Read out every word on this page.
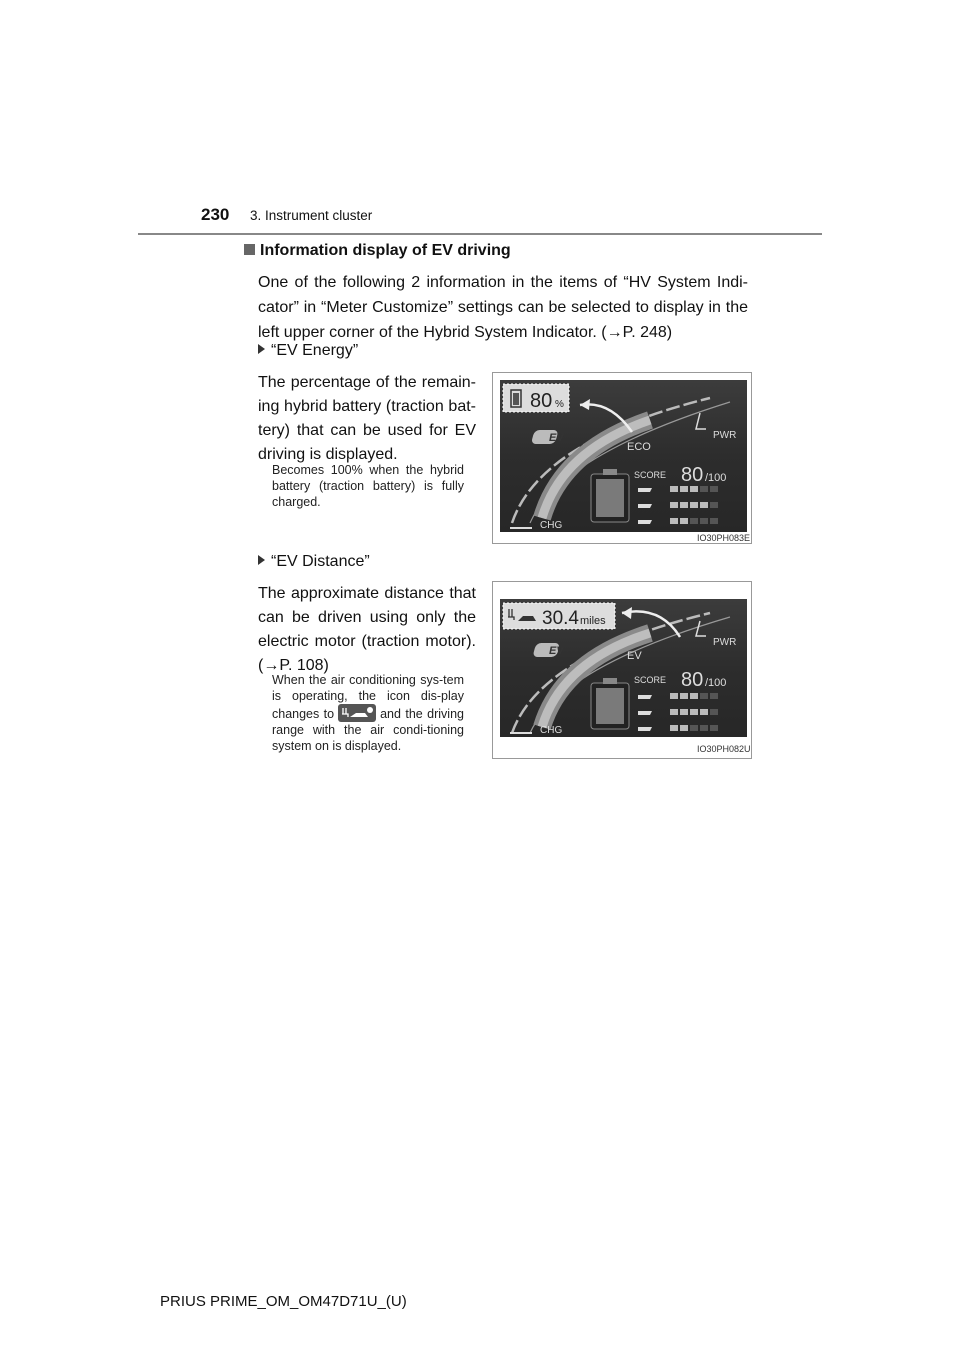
230 3. Instrument cluster
Information display of EV driving
One of the following 2 information in the items of “HV System Indi-cator” in “Meter Customize” settings can be selected to display in the left upper corner of the Hybrid System Indicator. (→P. 248)
“EV Energy”
The percentage of the remain-ing hybrid battery (traction bat-tery) that can be used for EV driving is displayed.
Becomes 100% when the hybrid battery (traction battery) is fully charged.
80 %
EV
ECO
PWR
CHG
SCORE 80 /100
IO30PH083E
“EV Distance”
The approximate distance that can be driven using only the electric motor (traction motor). (→P. 108)
When the air conditioning sys-tem is operating, the icon dis-play changes to	and the driving range with the air condi-tioning system on is displayed.
30.4 miles
EV	EV
PWR
CHG
SCORE 80 /100
IO30PH082U
PRIUS PRIME_OM_OM47D71U_(U)
